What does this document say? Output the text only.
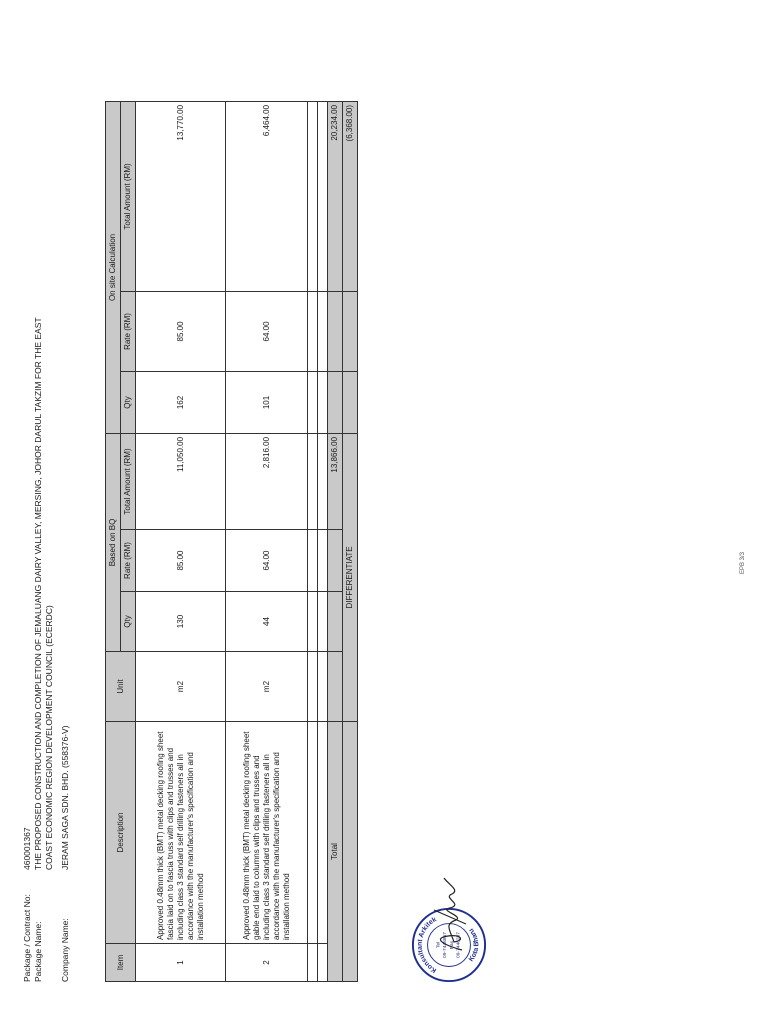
Package / Contract No:
460001367
Package Name:
THE PROPOSED CONSTRUCTION AND COMPLETION OF JEMALUANG DAIRY VALLEY, MERSING, JOHOR DARUL TAKZIM FOR THE EAST COAST ECONOMIC REGION DEVELOPMENT COUNCIL (ECERDC)
Company Name:
JERAM SAGA SDN. BHD. (558376-V)
Item	Description	Unit	Based on BQ			On site Calculation		
			Qty	Rate (RM)	Total Amount (RM)	Qty	Rate (RM)	Total Amount (RM)
1	Approved 0.48mm thick (BMT) metal decking roofing sheet fascia laid on to fascia truss with clips and trusses and including class 3 standard self drilling fasteners all in accordance with the manufacturer's specification and installation method	m2	130	85.00	11,050.00	162	85.00	13,770.00
2	Approved 0.48mm thick (BMT) metal decking roofing sheet gable end laid to columns with clips and trusses and including class 3 standard self drilling fasteners all in accordance with the manufacturer's specification and installation method	m2	44	64.00	2,816.00	101	64.00	6,464.00

Total					13,866.00			20,234.00
		DIFFERENTIATE						(6,368.00)
Konsultant Arkitek
Kota Bharu
Tel 09-7448867 Fax 09-7448287
EPB 3/3
